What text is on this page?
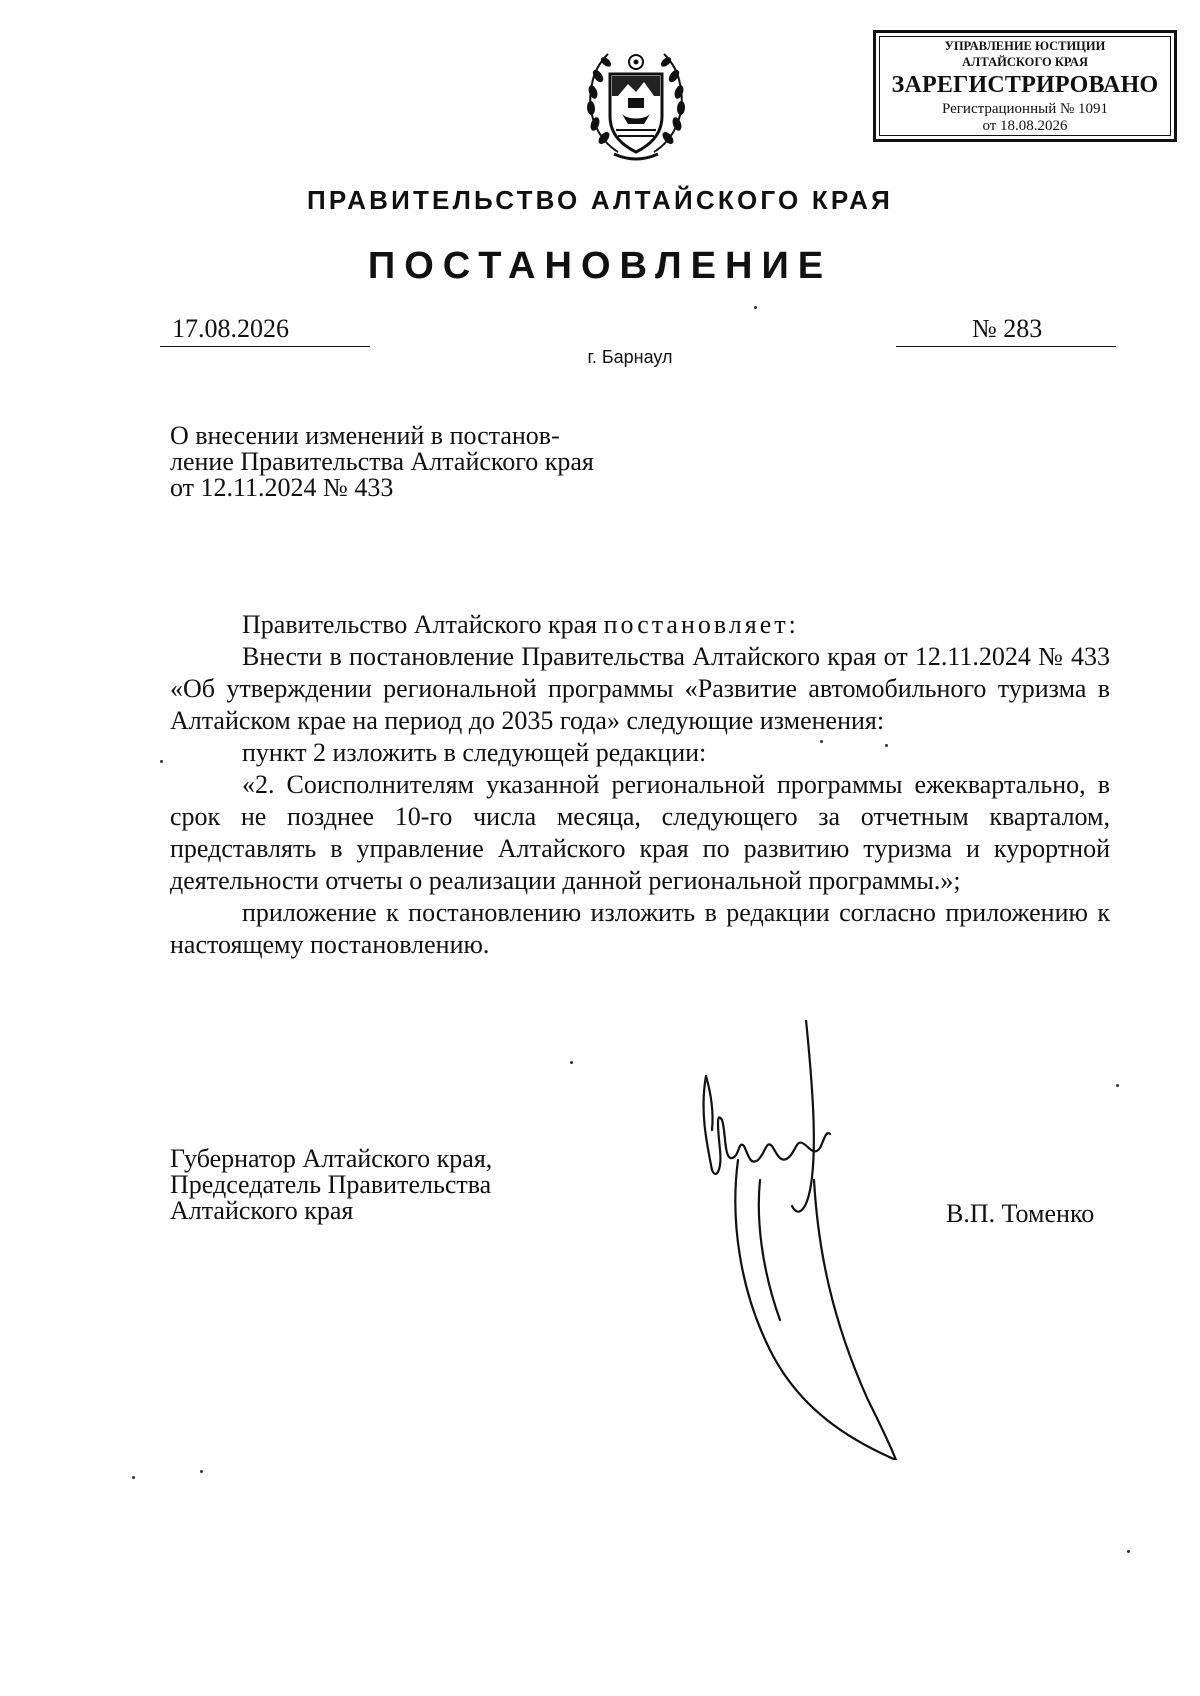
УПРАВЛЕНИЕ ЮСТИЦИИ
АЛТАЙСКОГО КРАЯ
ЗАРЕГИСТРИРОВАНО
Регистрационный № 1091
от 18.08.2026
ПРАВИТЕЛЬСТВО АЛТАЙСКОГО КРАЯ
ПОСТАНОВЛЕНИЕ
17.08.2026	№ 283
г. Барнаул
О внесении изменений в постанов-
ление Правительства Алтайского края
от 12.11.2024 № 433

Правительство Алтайского края постановляет:

Внести в постановление Правительства Алтайского края от 12.11.2024 № 433 «Об утверждении региональной программы «Развитие автомобильного туризма в Алтайском крае на период до 2035 года» следующие изменения:

пункт 2 изложить в следующей редакции:

«2. Соисполнителям указанной региональной программы ежеквартально, в срок не позднее 10-го числа месяца, следующего за отчетным кварталом, представлять в управление Алтайского края по развитию туризма и курортной деятельности отчеты о реализации данной региональной программы.»;

приложение к постановлению изложить в редакции согласно приложению к настоящему постановлению.

Губернатор Алтайского края,
Председатель Правительства
Алтайского края	В.П. Томенко
